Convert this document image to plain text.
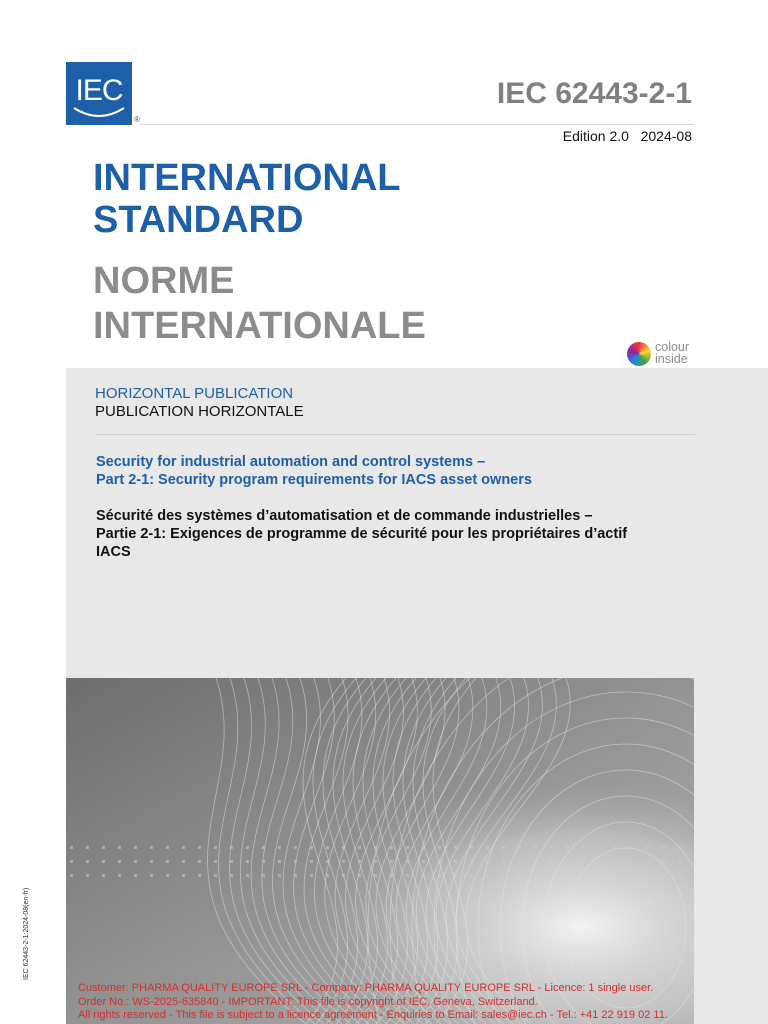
IEC
®
IEC 62443-2-1
Edition 2.0 2024-08
INTERNATIONAL
STANDARD
NORME
INTERNATIONALE	colour
inside
HORIZONTAL PUBLICATION
PUBLICATION HORIZONTALE
Security for industrial automation and control systems –
Part 2-1: Security program requirements for IACS asset owners
Sécurité des systèmes d’automatisation et de commande industrielles –
Partie 2-1: Exigences de programme de sécurité pour les propriétaires d’actif
IACS
IEC 62443-2-1:2024-08(en-fr)
Customer: PHARMA QUALITY EUROPE SRL - Company: PHARMA QUALITY EUROPE SRL - Licence: 1 single user.
Order No.: WS-2025-635840 - IMPORTANT: This file is copyright of IEC, Geneva, Switzerland.
All rights reserved - This file is subject to a licence agreement - Enquiries to Email: sales@iec.ch - Tel.: +41 22 919 02 11.
